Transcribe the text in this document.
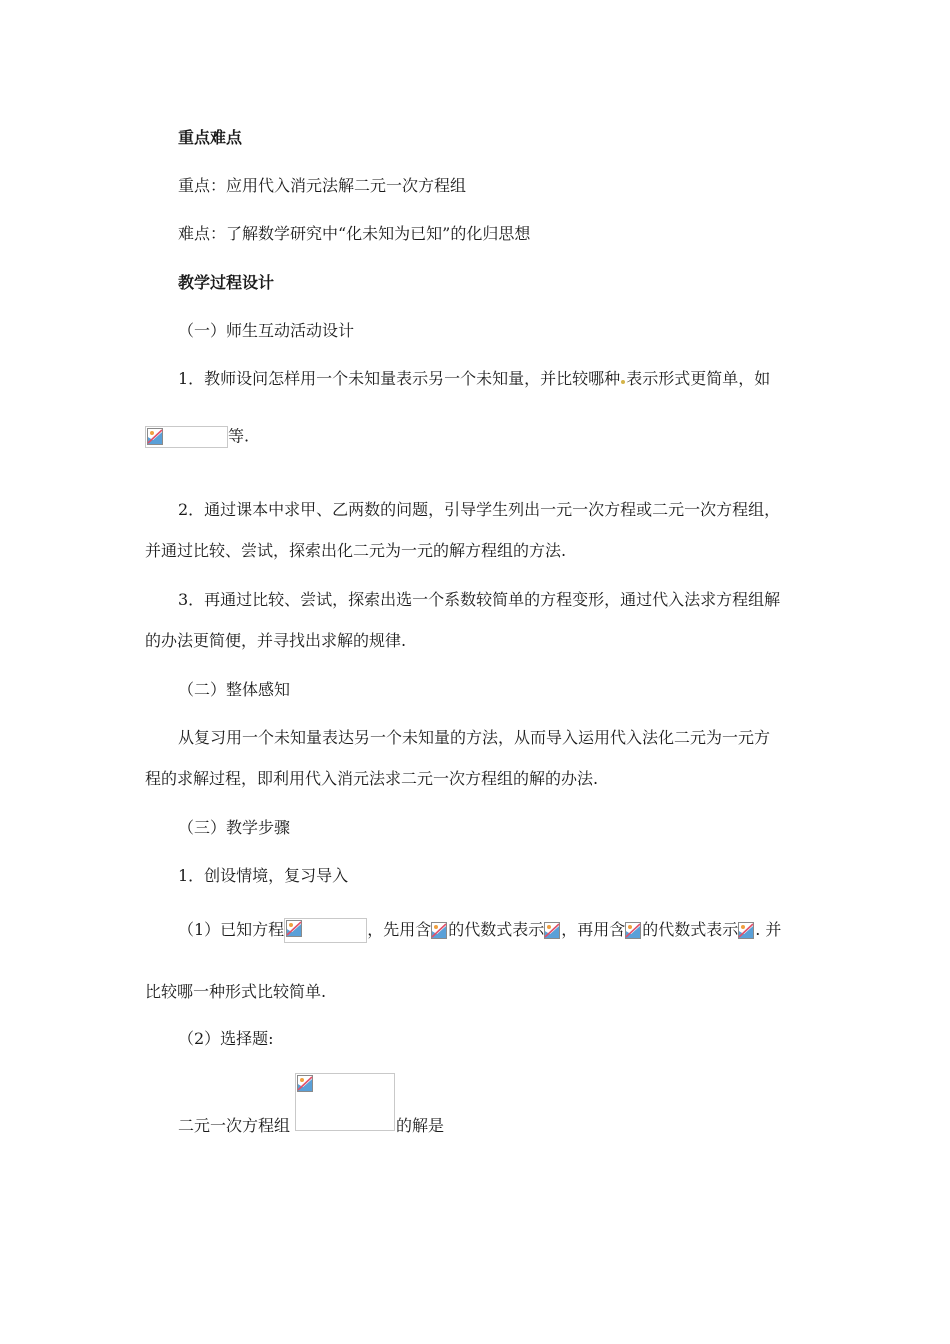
重点难点
重点：应用代入消元法解二元一次方程组
难点：了解数学研究中“化未知为已知”的化归思想
教学过程设计
（一）师生互动活动设计
1．教师设问怎样用一个未知量表示另一个未知量，并比较哪种 表示形式更简单，如
等.
2．通过课本中求甲、乙两数的问题，引导学生列出一元一次方程或二元一次方程组，
并通过比较、尝试，探索出化二元为一元的解方程组的方法.
3．再通过比较、尝试，探索出选一个系数较简单的方程变形，通过代入法求方程组解
的办法更简便，并寻找出求解的规律.
（二）整体感知
从复习用一个未知量表达另一个未知量的方法，从而导入运用代入法化二元为一元方
程的求解过程，即利用代入消元法求二元一次方程组的解的办法.
（三）教学步骤
1．创设情境，复习导入
（1）已知方程	，先用含 的代数式表示 ，再用含 的代数式表示 . 并
比较哪一种形式比较简单.
（2）选择题:
二元一次方程组	的解是
